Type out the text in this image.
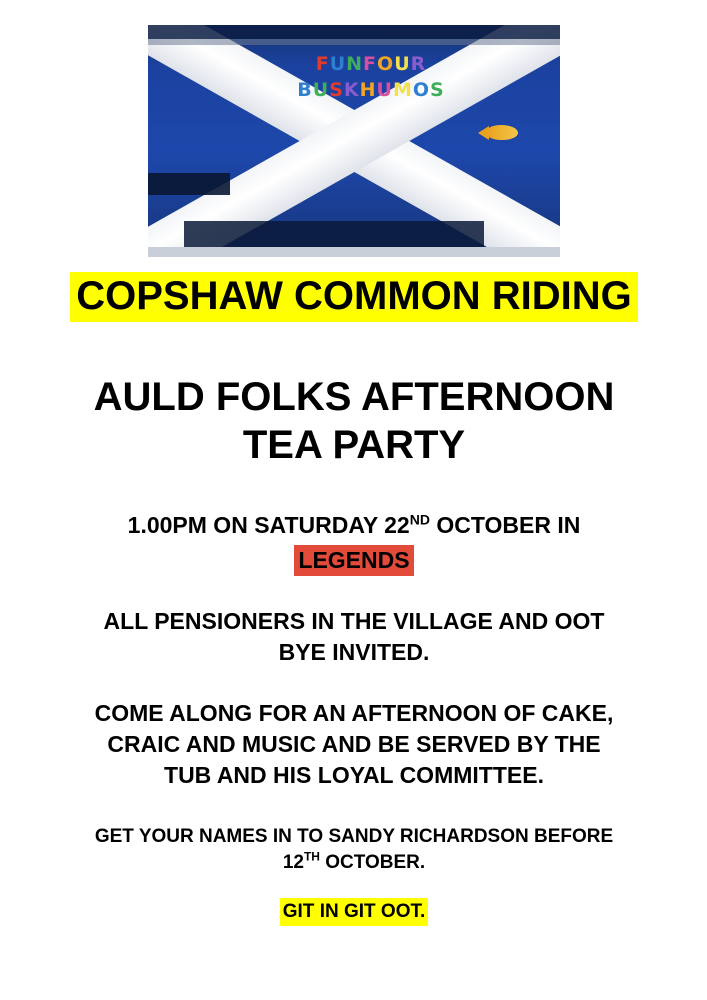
FUNFOUR
BUSKHUMOS
COPSHAW COMMON RIDING
AULD FOLKS AFTERNOON
TEA PARTY
1.00PM ON SATURDAY 22ND OCTOBER IN
LEGENDS
ALL PENSIONERS IN THE VILLAGE AND OOT
BYE INVITED.
COME ALONG FOR AN AFTERNOON OF CAKE,
CRAIC AND MUSIC AND BE SERVED BY THE
TUB AND HIS LOYAL COMMITTEE.
GET YOUR NAMES IN TO SANDY RICHARDSON BEFORE
12TH OCTOBER.
GIT IN GIT OOT.
